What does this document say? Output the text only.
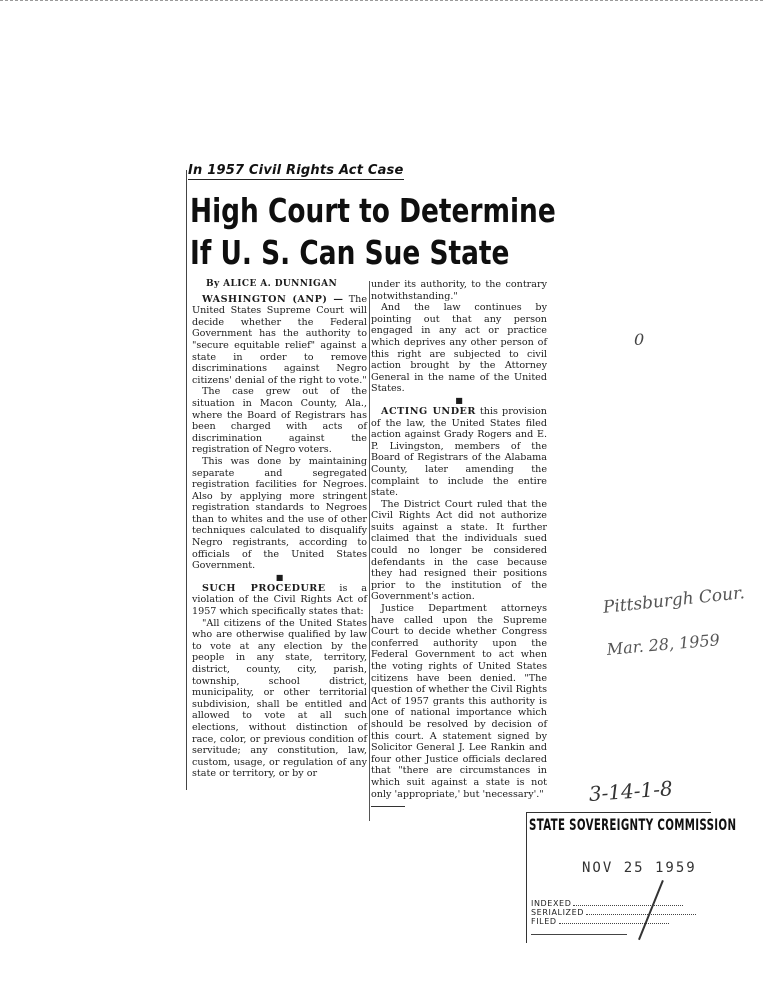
In 1957 Civil Rights Act Case
High Court to Determine
If U. S. Can Sue State

By ALICE A. DUNNIGAN

WASHINGTON (ANP) — The United States Supreme Court will decide whether the Federal Government has the authority to "secure equitable relief" against a state in order to remove discriminations against Negro citizens' denial of the right to vote."

The case grew out of the situation in Macon County, Ala., where the Board of Registrars has been charged with acts of discrimination against the registration of Negro voters.

This was done by maintaining separate and segregated registration facilities for Negroes. Also by applying more stringent registration standards to Negroes than to whites and the use of other techniques calculated to disqualify Negro registrants, according to officials of the United States Government.

■

SUCH PROCEDURE is a violation of the Civil Rights Act of 1957 which specifically states that:

"All citizens of the United States who are otherwise qualified by law to vote at any election by the people in any state, territory, district, county, city, parish, township, school district, municipality, or other territorial subdivision, shall be entitled and allowed to vote at all such elections, without distinction of race, color, or previous condition of servitude; any constitution, law, custom, usage, or regulation of any state or territory, or by or

under its authority, to the contrary notwithstanding."

And the law continues by pointing out that any person engaged in any act or practice which deprives any other person of this right are subjected to civil action brought by the Attorney General in the name of the United States.

■

ACTING UNDER this provision of the law, the United States filed action against Grady Rogers and E. P. Livingston, members of the Board of Registrars of the Alabama County, later amending the complaint to include the entire state.

The District Court ruled that the Civil Rights Act did not authorize suits against a state. It further claimed that the individuals sued could no longer be considered defendants in the case because they had resigned their positions prior to the institution of the Government's action.

Justice Department attorneys have called upon the Supreme Court to decide whether Congress conferred authority upon the Federal Government to act when the voting rights of United States citizens have been denied. "The question of whether the Civil Rights Act of 1957 grants this authority is one of national importance which should be resolved by decision of this court. A statement signed by Solicitor General J. Lee Rankin and four other Justice officials declared that "there are circumstances in which suit against a state is not only 'appropriate,' but 'necessary'."

0
Pittsburgh Cour.
Mar. 28, 1959
3-14-1-8
STATE SOVEREIGNTY COMMISSION
NOV 25 1959
INDEXED
SERIALIZED
FILED
